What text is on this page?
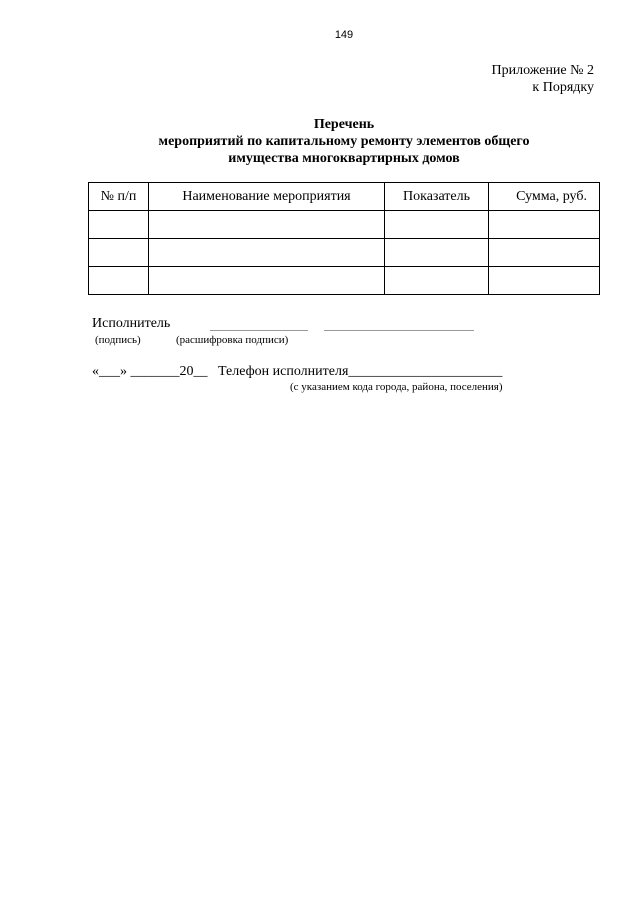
149
Приложение № 2
к Порядку
Перечень
мероприятий по капитальному ремонту элементов общего
имущества многоквартирных домов
№ п/п	Наименование мероприятия	Показатель	Сумма, руб.

Исполнитель
(подпись)	(расшифровка подписи)
«___» _______20__   Телефон исполнителя______________________
(с указанием кода города, района, поселения)
